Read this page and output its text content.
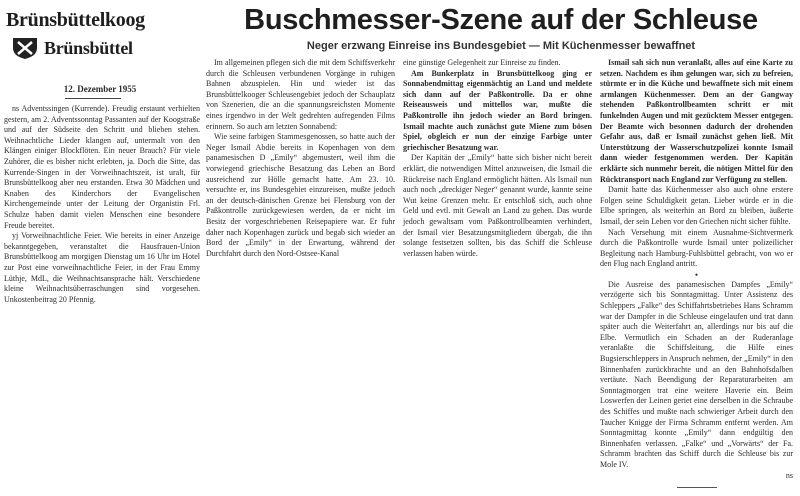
Brünsbüttelkoog
Brünsbüttel
12. Dezember 1955
Buschmesser-Szene auf der Schleuse
Neger erzwang Einreise ins Bundesgebiet — Mit Küchenmesser bewaffnet

ns Adventssingen (Kurrende). Freudig erstaunt verhielten gestern, am 2. Adventssonntag Passanten auf der Koogstraße und auf der Südseite den Schritt und blieben stehen. Weihnachtliche Lieder klangen auf, untermalt von den Klängen einiger Blockflöten. Ein neuer Brauch? Für viele Zuhörer, die es bisher nicht erlebten, ja. Doch die Sitte, das Kurrende-Singen in der Vorweihnachtszeit, ist uralt, für Brunsbüttelkoog aber neu erstanden. Etwa 30 Mädchen und Knaben des Kinderchors der Evangelischen Kirchengemeinde unter der Leitung der Organistin Frl. Schulze haben damit vielen Menschen eine besondere Freude bereitet.

yj Vorweihnachtliche Feier. Wie bereits in einer Anzeige bekanntgegeben, veranstaltet die Hausfrauen-Union Brunsbüttelkoog am morgigen Dienstag um 16 Uhr im Hotel zur Post eine vorweihnachtliche Feier, in der Frau Emmy Lüthje, MdL, die Weihnachtsansprache hält. Verschiedene kleine Weihnachtsüberraschungen sind vorgesehen. Unkostenbeitrag 20 Pfennig.

Im allgemeinen pflegen sich die mit dem Schiffsverkehr durch die Schleusen verbundenen Vorgänge in ruhigen Bahnen abzuspielen. Hin und wieder ist das Brunsbüttelkooger Schleusengebiet jedoch der Schauplatz von Szenerien, die an die spannungsreichsten Momente eines irgendwo in der Welt gedrehten aufregenden Films erinnern. So auch am letzten Sonnabend:

Wie seine farbigen Stammesgenossen, so hatte auch der Neger Ismail Abdie bereits in Kopenhagen von dem panamesischen D „Emily“ abgemustert, weil ihm die vorwiegend griechische Besatzung das Leben an Bord ausreichend zur Hölle gemacht hatte. Am 23. 10. versuchte er, ins Bundesgebiet einzureisen, mußte jedoch an der deutsch-dänischen Grenze bei Flensburg von der Paßkontrolle zurückgewiesen werden, da er nicht im Besitz der vorgeschriebenen Reisepapiere war. Er fuhr daher nach Kopenhagen zurück und begab sich wieder an Bord der „Emily“ in der Erwartung, während der Durchfahrt durch den Nord-Ostsee-Kanal

eine günstige Gelegenheit zur Einreise zu finden.

Am Bunkerplatz in Brunsbüttelkoog ging er Sonnabendmittag eigenmächtig an Land und meldete sich dann auf der Paßkontrolle. Da er ohne Reiseausweis und mittellos war, mußte die Paßkontrolle ihn jedoch wieder an Bord bringen. Ismail machte auch zunächst gute Miene zum bösen Spiel, obgleich er nun der einzige Farbige unter griechischer Besatzung war.

Der Kapitän der „Emily“ hatte sich bisher nicht bereit erklärt, die notwendigen Mittel anzuweisen, die Ismail die Rückreise nach England ermöglicht hätten. Als Ismail nun auch noch „dreckiger Neger“ genannt wurde, kannte seine Wut keine Grenzen mehr. Er entschloß sich, auch ohne Geld und evtl. mit Gewalt an Land zu gehen. Das wurde jedoch gewaltsam vom Paßkontrollbeamten verhindert, der Ismail vier Besatzungsmitgliedern übergab, die ihn solange festsetzen sollten, bis das Schiff die Schleuse verlassen haben würde.

Ismail sah sich nun veranlaßt, alles auf eine Karte zu setzen. Nachdem es ihm gelungen war, sich zu befreien, stürmte er in die Küche und bewaffnete sich mit einem armlangen Küchenmesser. Dem an der Gangway stehenden Paßkontrollbeamten schritt er mit funkelnden Augen und mit gezücktem Messer entgegen. Der Beamte wich besonnen dadurch der drohenden Gefahr aus, daß er Ismail zunächst gehen ließ. Mit Unterstützung der Wasserschutzpolizei konnte Ismail dann wieder festgenommen werden. Der Kapitän erklärte sich nunmehr bereit, die nötigen Mittel für den Rücktransport nach England zur Verfügung zu stellen.

Damit hatte das Küchenmesser also auch ohne erstere Folgen seine Schuldigkeit getan. Lieber würde er in die Elbe springen, als weiterhin an Bord zu bleiben, äußerte Ismail, der sein Leben vor den Griechen nicht sicher fühlte.

Nach Versehung mit einem Ausnahme-Sichtvermerk durch die Paßkontrolle wurde Ismail unter polizeilicher Begleitung nach Hamburg-Fuhlsbüttel gebracht, von wo er den Flug nach England antritt.

•

Die Ausreise des panamesischen Dampfes „Emily“ verzögerte sich bis Sonntagmittag. Unter Assistenz des Schleppers „Falke“ des Schiffahrtsbetriebes Hans Schramm war der Dampfer in die Schleuse eingelaufen und trat dann später auch die Weiterfahrt an, allerdings nur bis auf die Elbe. Vermutlich ein Schaden an der Ruderanlage veranlaßte die Schiffsleitung, die Hilfe eines Bugsierschleppers in Anspruch nehmen, der „Emily“ in den Binnenhafen zurückbrachte und an den Bahnhofsdalben vertäute. Nach Beendigung der Reparaturarbeiten am Sonntagmorgen trat eine weitere Haverie ein. Beim Loswerfen der Leinen geriet eine derselben in die Schraube des Schiffes und mußte nach schwieriger Arbeit durch den Taucher Knigge der Firma Schramm entfernt werden. Am Sonntagmittag konnte „Emily“ dann endgültig den Binnenhafen verlassen. „Falke“ und „Vorwärts“ der Fa. Schramm brachten das Schiff durch die Schleuse bis zur Mole IV.

ns
